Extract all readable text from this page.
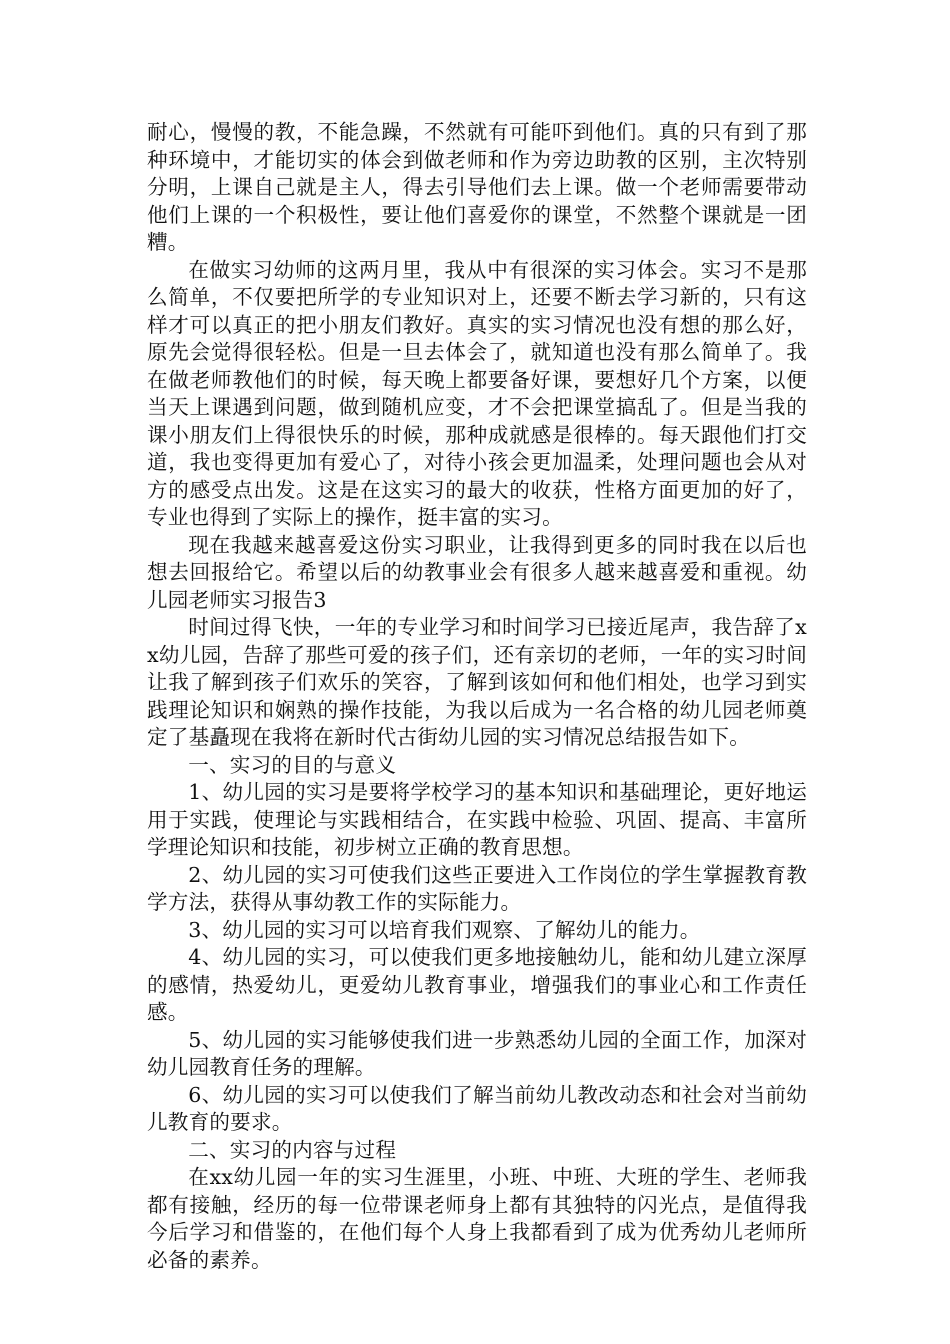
耐心，慢慢的教，不能急躁，不然就有可能吓到他们。真的只有到了那种环境中，才能切实的体会到做老师和作为旁边助教的区别，主次特别分明，上课自己就是主人，得去引导他们去上课。做一个老师需要带动他们上课的一个积极性，要让他们喜爱你的课堂，不然整个课就是一团糟。

在做实习幼师的这两月里，我从中有很深的实习体会。实习不是那么简单，不仅要把所学的专业知识对上，还要不断去学习新的，只有这样才可以真正的把小朋友们教好。真实的实习情况也没有想的那么好，原先会觉得很轻松。但是一旦去体会了，就知道也没有那么简单了。我在做老师教他们的时候，每天晚上都要备好课，要想好几个方案，以便当天上课遇到问题，做到随机应变，才不会把课堂搞乱了。但是当我的课小朋友们上得很快乐的时候，那种成就感是很棒的。每天跟他们打交道，我也变得更加有爱心了，对待小孩会更加温柔，处理问题也会从对方的感受点出发。这是在这实习的最大的收获，性格方面更加的好了，专业也得到了实际上的操作，挺丰富的实习。

现在我越来越喜爱这份实习职业，让我得到更多的同时我在以后也想去回报给它。希望以后的幼教事业会有很多人越来越喜爱和重视。幼儿园老师实习报告3

时间过得飞快，一年的专业学习和时间学习已接近尾声，我告辞了xx幼儿园，告辞了那些可爱的孩子们，还有亲切的老师，一年的实习时间让我了解到孩子们欢乐的笑容，了解到该如何和他们相处，也学习到实践理论知识和娴熟的操作技能，为我以后成为一名合格的幼儿园老师奠定了基矗现在我将在新时代古街幼儿园的实习情况总结报告如下。

一、实习的目的与意义

1、幼儿园的实习是要将学校学习的基本知识和基础理论，更好地运用于实践，使理论与实践相结合，在实践中检验、巩固、提高、丰富所学理论知识和技能，初步树立正确的教育思想。

2、幼儿园的实习可使我们这些正要进入工作岗位的学生掌握教育教学方法，获得从事幼教工作的实际能力。

3、幼儿园的实习可以培育我们观察、了解幼儿的能力。

4、幼儿园的实习，可以使我们更多地接触幼儿，能和幼儿建立深厚的感情，热爱幼儿，更爱幼儿教育事业，增强我们的事业心和工作责任感。

5、幼儿园的实习能够使我们进一步熟悉幼儿园的全面工作，加深对幼儿园教育任务的理解。

6、幼儿园的实习可以使我们了解当前幼儿教改动态和社会对当前幼儿教育的要求。

二、实习的内容与过程

在xx幼儿园一年的实习生涯里，小班、中班、大班的学生、老师我都有接触，经历的每一位带课老师身上都有其独特的闪光点，是值得我今后学习和借鉴的，在他们每个人身上我都看到了成为优秀幼儿老师所必备的素养。
